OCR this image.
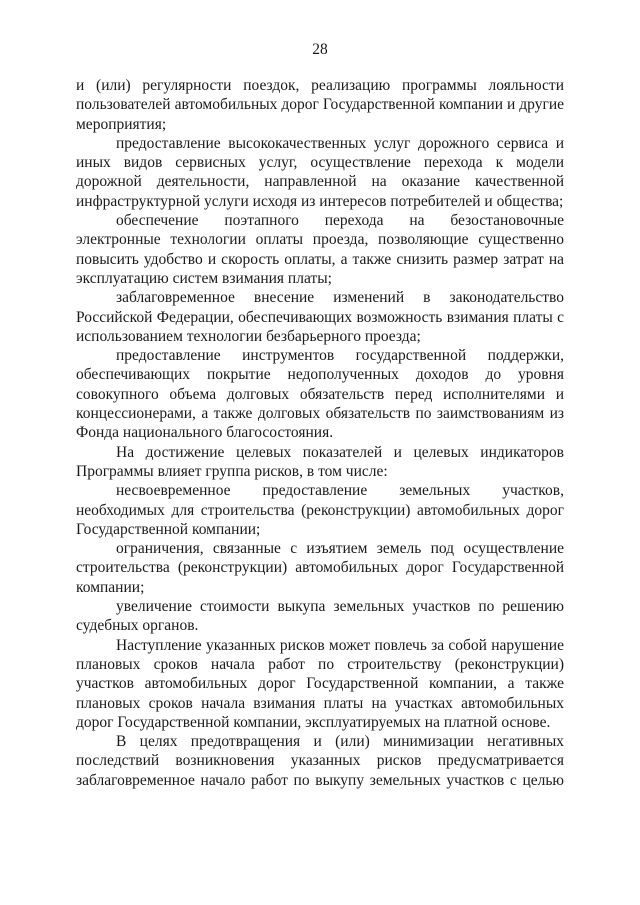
28

и (или) регулярности поездок, реализацию программы лояльности пользователей автомобильных дорог Государственной компании и другие мероприятия;

предоставление высококачественных услуг дорожного сервиса и иных видов сервисных услуг, осуществление перехода к модели дорожной деятельности, направленной на оказание качественной инфраструктурной услуги исходя из интересов потребителей и общества;

обеспечение поэтапного перехода на безостановочные электронные технологии оплаты проезда, позволяющие существенно повысить удобство и скорость оплаты, а также снизить размер затрат на эксплуатацию систем взимания платы;

заблаговременное внесение изменений в законодательство Российской Федерации, обеспечивающих возможность взимания платы с использованием технологии безбарьерного проезда;

предоставление инструментов государственной поддержки, обеспечивающих покрытие недополученных доходов до уровня совокупного объема долговых обязательств перед исполнителями и концессионерами, а также долговых обязательств по заимствованиям из Фонда национального благосостояния.

На достижение целевых показателей и целевых индикаторов Программы влияет группа рисков, в том числе:

несвоевременное предоставление земельных участков, необходимых для строительства (реконструкции) автомобильных дорог Государственной компании;

ограничения, связанные с изъятием земель под осуществление строительства (реконструкции) автомобильных дорог Государственной компании;

увеличение стоимости выкупа земельных участков по решению судебных органов.

Наступление указанных рисков может повлечь за собой нарушение плановых сроков начала работ по строительству (реконструкции) участков автомобильных дорог Государственной компании, а также плановых сроков начала взимания платы на участках автомобильных дорог Государственной компании, эксплуатируемых на платной основе.

В целях предотвращения и (или) минимизации негативных последствий возникновения указанных рисков предусматривается заблаговременное начало работ по выкупу земельных участков с целью
